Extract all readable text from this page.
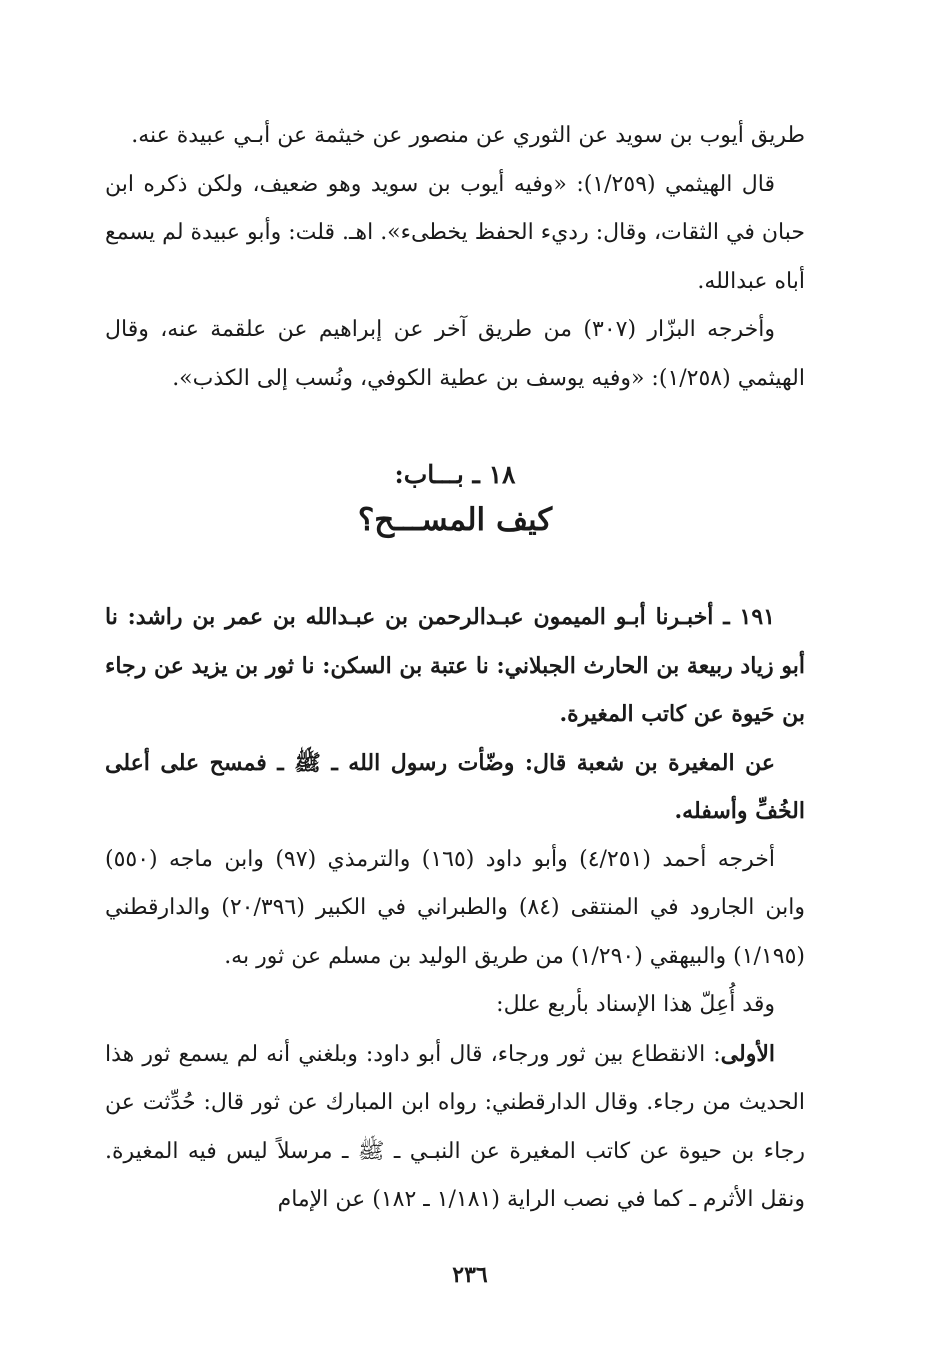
طريق أيوب بن سويد عن الثوري عن منصور عن خيثمة عن أبـي عبيدة عنه.

قال الهيثمي (١/٢٥٩): «وفيه أيوب بن سويد وهو ضعيف، ولكن ذكره ابن حبان في الثقات، وقال: رديء الحفظ يخطىء». اهـ. قلت: وأبو عبيدة لم يسمع أباه عبدالله.

وأخرجه البزّار (٣٠٧) من طريق آخر عن إبراهيم عن علقمة عنه، وقال الهيثمي (١/٢٥٨): «وفيه يوسف بن عطية الكوفي، ونُسب إلى الكذب».

١٨ ـ بـــاب:

كيف المســـح؟

١٩١ ـ أخبـرنا أبـو الميمون عبـدالرحمن بن عبـدالله بن عمر بن راشد: نا أبو زياد ربيعة بن الحارث الجبلاني: نا عتبة بن السكن: نا ثور بن يزيد عن رجاء بن حَيوة عن كاتب المغيرة.

عن المغيرة بن شعبة قال: وضّأت رسول الله ـ ﷺ ـ فمسح على أعلى الخُفِّ وأسفله.

أخرجه أحمد (٤/٢٥١) وأبو داود (١٦٥) والترمذي (٩٧) وابن ماجه (٥٥٠) وابن الجارود في المنتقى (٨٤) والطبراني في الكبير (٢٠/٣٩٦) والدارقطني (١/١٩٥) والبيهقي (١/٢٩٠) من طريق الوليد بن مسلم عن ثور به.

وقد أُعِلّ هذا الإسناد بأربع علل:

الأولى: الانقطاع بين ثور ورجاء، قال أبو داود: وبلغني أنه لم يسمع ثور هذا الحديث من رجاء. وقال الدارقطني: رواه ابن المبارك عن ثور قال: حُدِّثت عن رجاء بن حيوة عن كاتب المغيرة عن النبـي ـ ﷺ ـ مرسلاً ليس فيه المغيرة. ونقل الأثرم ـ كما في نصب الراية (١/١٨١ ـ ١٨٢) عن الإمام

٢٣٦
